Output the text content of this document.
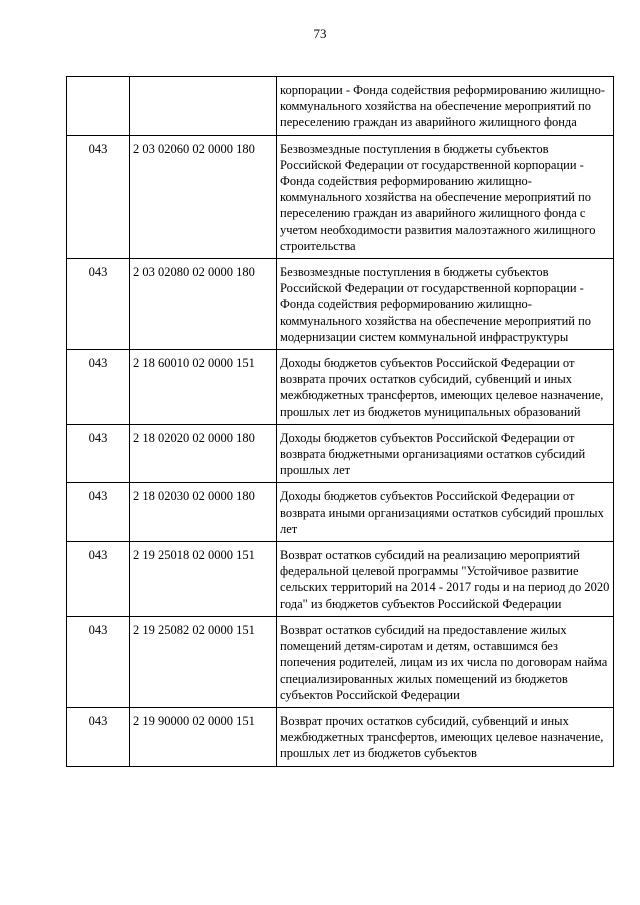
73
		корпорации - Фонда содействия реформированию жилищно-коммунального хозяйства на обеспечение мероприятий по переселению граждан из аварийного жилищного фонда
043	2 03 02060 02 0000 180	Безвозмездные поступления в бюджеты субъектов Российской Федерации от государственной корпорации - Фонда содействия реформированию жилищно-коммунального хозяйства на обеспечение мероприятий по переселению граждан из аварийного жилищного фонда с учетом необходимости развития малоэтажного жилищного строительства
043	2 03 02080 02 0000 180	Безвозмездные поступления в бюджеты субъектов Российской Федерации от государственной корпорации - Фонда содействия реформированию жилищно-коммунального хозяйства на обеспечение мероприятий по модернизации систем коммунальной инфраструктуры
043	2 18 60010 02 0000 151	Доходы бюджетов субъектов Российской Федерации от возврата прочих остатков субсидий, субвенций и иных межбюджетных трансфертов, имеющих целевое назначение, прошлых лет из бюджетов муниципальных образований
043	2 18 02020 02 0000 180	Доходы бюджетов субъектов Российской Федерации от возврата бюджетными организациями остатков субсидий прошлых лет
043	2 18 02030 02 0000 180	Доходы бюджетов субъектов Российской Федерации от возврата иными организациями остатков субсидий прошлых лет
043	2 19 25018 02 0000 151	Возврат остатков субсидий на реализацию мероприятий федеральной целевой программы "Устойчивое развитие сельских территорий на 2014 - 2017 годы и на период до 2020 года" из бюджетов субъектов Российской Федерации
043	2 19 25082 02 0000 151	Возврат остатков субсидий на предоставление жилых помещений детям-сиротам и детям, оставшимся без попечения родителей, лицам из их числа по договорам найма специализированных жилых помещений из бюджетов субъектов Российской Федерации
043	2 19 90000 02 0000 151	Возврат прочих остатков субсидий, субвенций и иных межбюджетных трансфертов, имеющих целевое назначение, прошлых лет из бюджетов субъектов
